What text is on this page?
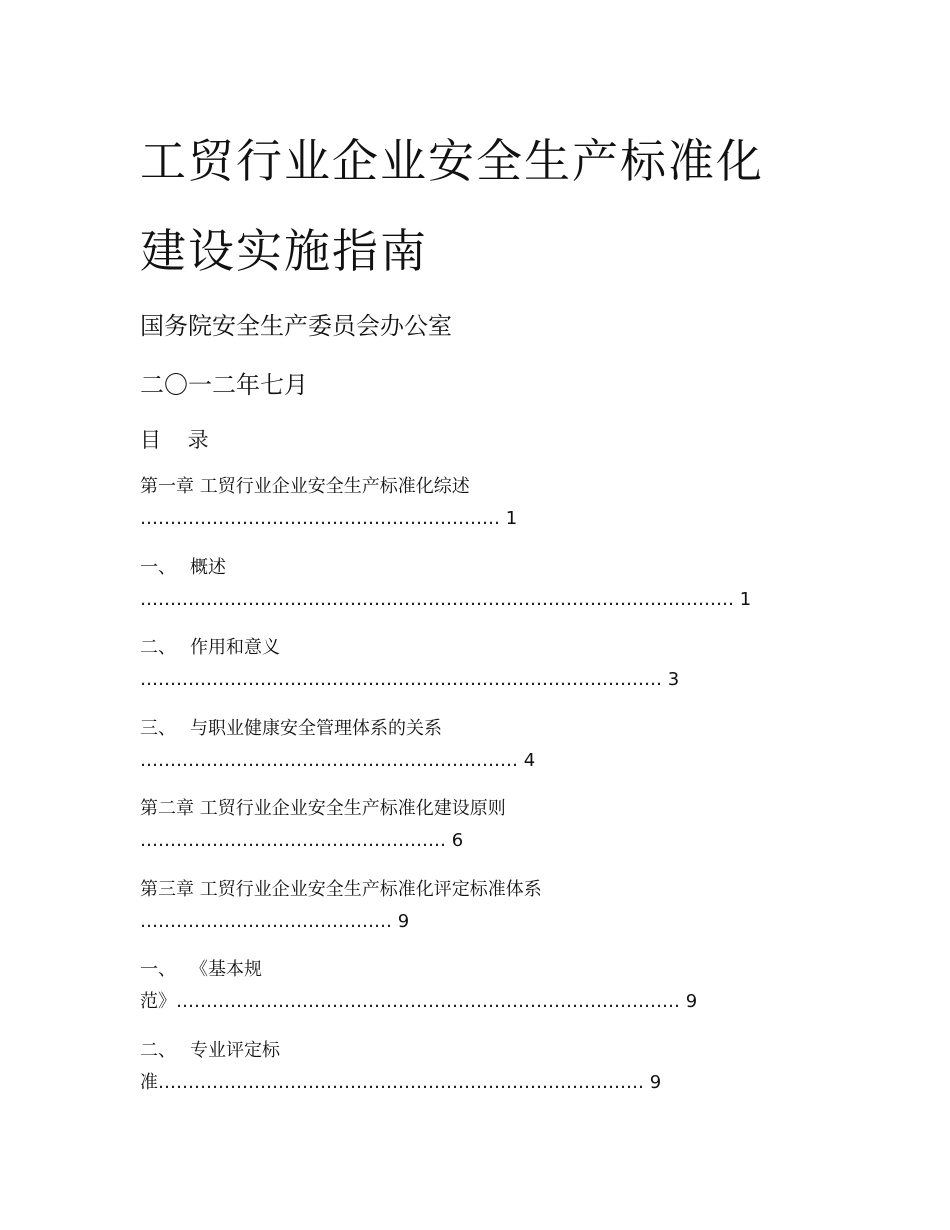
工贸行业企业安全生产标准化
建设实施指南
国务院安全生产委员会办公室
二〇一二年七月
目 录
第一章 工贸行业企业安全生产标准化综述
…………………………………………………… 1
一、 概述
……………………………………………………………………………………… 1
二、 作用和意义
…………………………………………………………………………… 3
三、 与职业健康安全管理体系的关系
……………………………………………………… 4
第二章 工贸行业企业安全生产标准化建设原则
…………………………………………… 6
第三章 工贸行业企业安全生产标准化评定标准体系
…………………………………… 9
一、 《基本规
范》………………………………………………………………………… 9
二、 专业评定标
准……………………………………………………………………… 9
